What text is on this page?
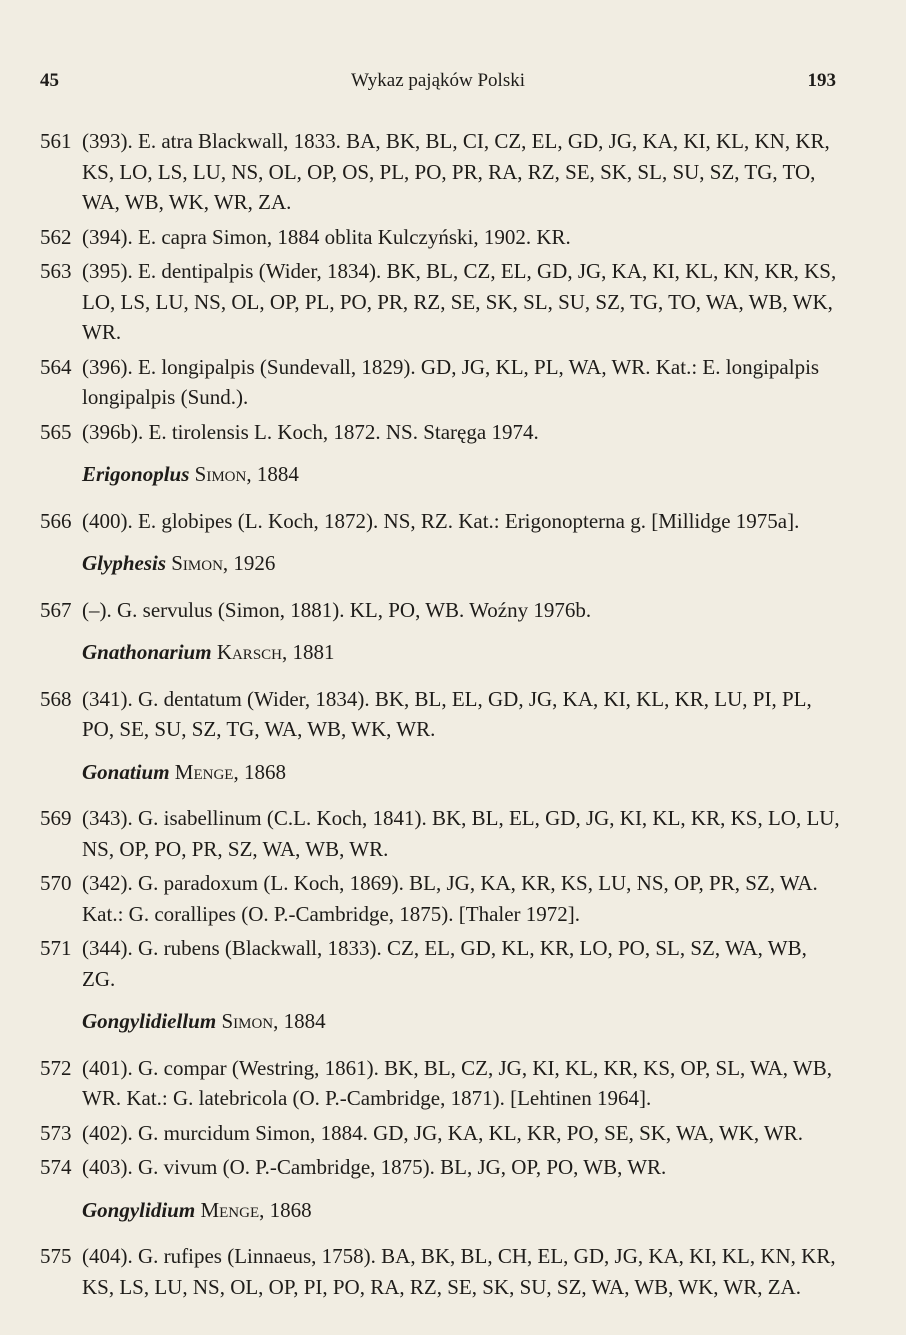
45	Wykaz pająków Polski	193
561 (393). E. atra Blackwall, 1833. BA, BK, BL, CI, CZ, EL, GD, JG, KA, KI, KL, KN, KR, KS, LO, LS, LU, NS, OL, OP, OS, PL, PO, PR, RA, RZ, SE, SK, SL, SU, SZ, TG, TO, WA, WB, WK, WR, ZA.
562 (394). E. capra Simon, 1884 oblita Kulczyński, 1902. KR.
563 (395). E. dentipalpis (Wider, 1834). BK, BL, CZ, EL, GD, JG, KA, KI, KL, KN, KR, KS, LO, LS, LU, NS, OL, OP, PL, PO, PR, RZ, SE, SK, SL, SU, SZ, TG, TO, WA, WB, WK, WR.
564 (396). E. longipalpis (Sundevall, 1829). GD, JG, KL, PL, WA, WR. Kat.: E. longipalpis longipalpis (Sund.).
565 (396b). E. tirolensis L. Koch, 1872. NS. Staręga 1974.
Erigonoplus Simon, 1884
566 (400). E. globipes (L. Koch, 1872). NS, RZ. Kat.: Erigonopterna g. [Millidge 1975a].
Glyphesis Simon, 1926
567 (–). G. servulus (Simon, 1881). KL, PO, WB. Woźny 1976b.
Gnathonarium Karsch, 1881
568 (341). G. dentatum (Wider, 1834). BK, BL, EL, GD, JG, KA, KI, KL, KR, LU, PI, PL, PO, SE, SU, SZ, TG, WA, WB, WK, WR.
Gonatium Menge, 1868
569 (343). G. isabellinum (C.L. Koch, 1841). BK, BL, EL, GD, JG, KI, KL, KR, KS, LO, LU, NS, OP, PO, PR, SZ, WA, WB, WR.
570 (342). G. paradoxum (L. Koch, 1869). BL, JG, KA, KR, KS, LU, NS, OP, PR, SZ, WA. Kat.: G. corallipes (O. P.-Cambridge, 1875). [Thaler 1972].
571 (344). G. rubens (Blackwall, 1833). CZ, EL, GD, KL, KR, LO, PO, SL, SZ, WA, WB, ZG.
Gongylidiellum Simon, 1884
572 (401). G. compar (Westring, 1861). BK, BL, CZ, JG, KI, KL, KR, KS, OP, SL, WA, WB, WR. Kat.: G. latebricola (O. P.-Cambridge, 1871). [Lehtinen 1964].
573 (402). G. murcidum Simon, 1884. GD, JG, KA, KL, KR, PO, SE, SK, WA, WK, WR.
574 (403). G. vivum (O. P.-Cambridge, 1875). BL, JG, OP, PO, WB, WR.
Gongylidium Menge, 1868
575 (404). G. rufipes (Linnaeus, 1758). BA, BK, BL, CH, EL, GD, JG, KA, KI, KL, KN, KR, KS, LS, LU, NS, OL, OP, PI, PO, RA, RZ, SE, SK, SU, SZ, WA, WB, WK, WR, ZA.
